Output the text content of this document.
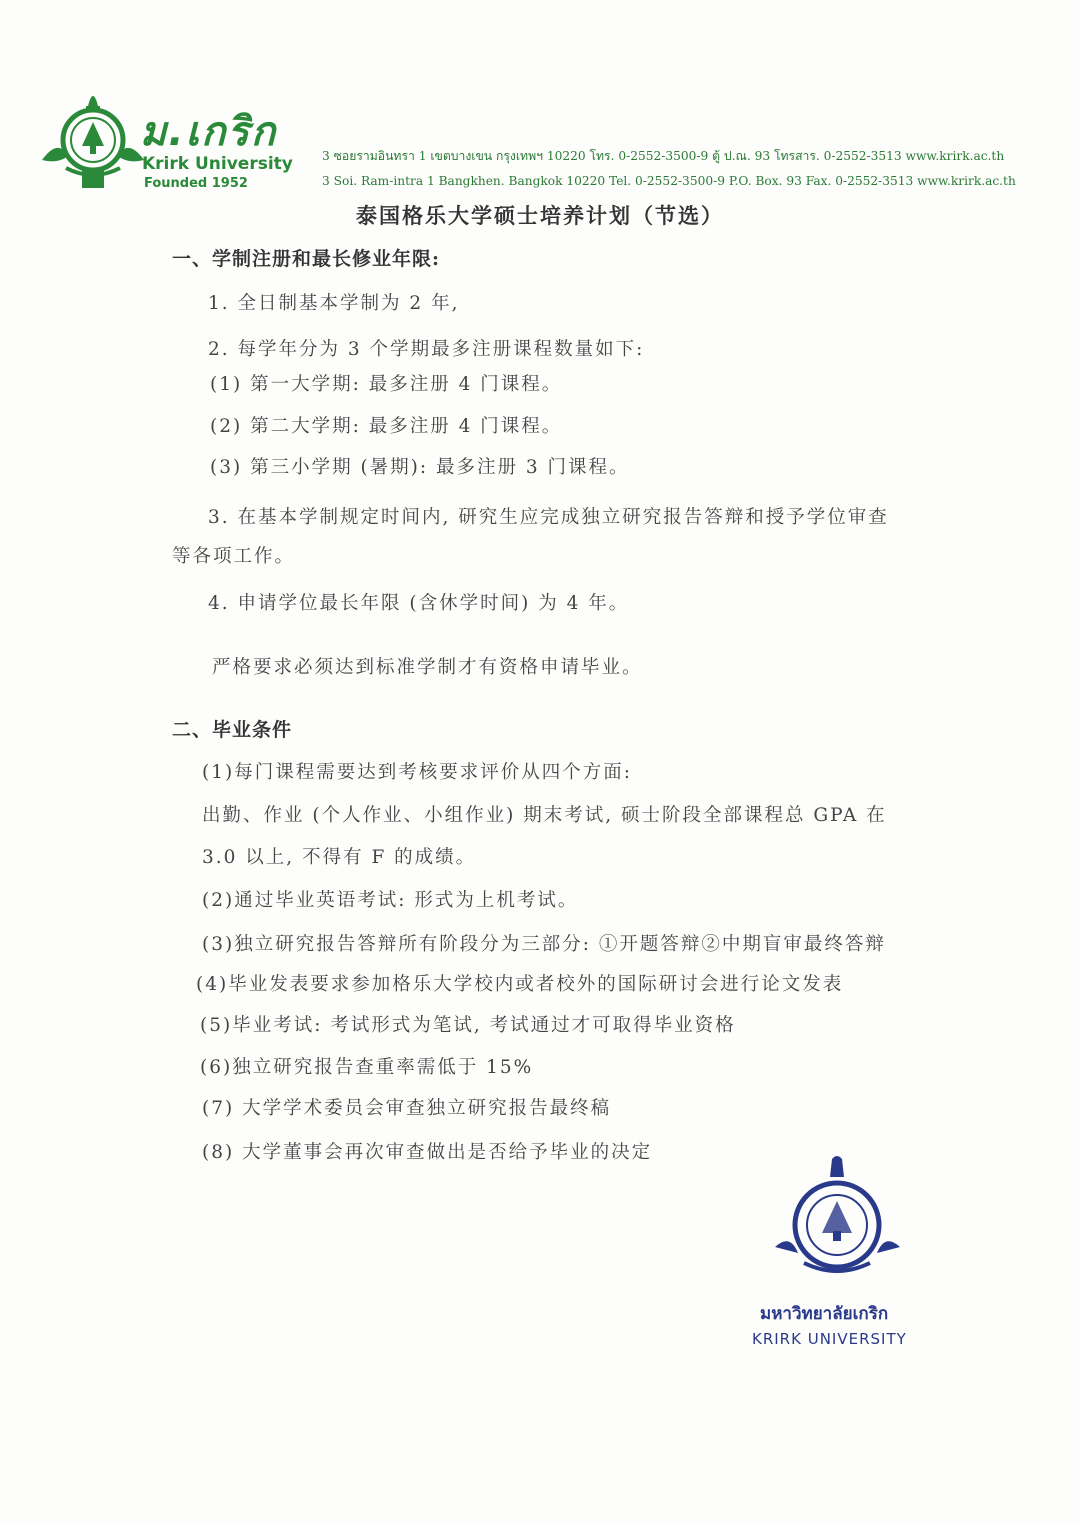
ม.เกริก
Krirk University
Founded 1952
3 ซอยรามอินทรา 1 เขตบางเขน กรุงเทพฯ 10220 โทร. 0-2552-3500-9 ตู้ ป.ณ. 93 โทรสาร. 0-2552-3513 www.krirk.ac.th
3 Soi. Ram-intra 1 Bangkhen. Bangkok 10220 Tel. 0-2552-3500-9 P.O. Box. 93 Fax. 0-2552-3513 www.krirk.ac.th
泰国格乐大学硕士培养计划（节选）
一、学制注册和最长修业年限:
1. 全日制基本学制为 2 年,
2. 每学年分为 3 个学期最多注册课程数量如下:
(1) 第一大学期: 最多注册 4 门课程。
(2) 第二大学期: 最多注册 4 门课程。
(3) 第三小学期 (暑期): 最多注册 3 门课程。
3. 在基本学制规定时间内, 研究生应完成独立研究报告答辩和授予学位审查
等各项工作。
4. 申请学位最长年限 (含休学时间) 为 4 年。
严格要求必须达到标准学制才有资格申请毕业。
二、毕业条件
(1)每门课程需要达到考核要求评价从四个方面:
出勤、作业 (个人作业、小组作业) 期末考试, 硕士阶段全部课程总 GPA 在
3.0 以上, 不得有 F 的成绩。
(2)通过毕业英语考试: 形式为上机考试。
(3)独立研究报告答辩所有阶段分为三部分: ①开题答辩②中期盲审最终答辩
(4)毕业发表要求参加格乐大学校内或者校外的国际研讨会进行论文发表
(5)毕业考试: 考试形式为笔试, 考试通过才可取得毕业资格
(6)独立研究报告查重率需低于 15%
(7) 大学学术委员会审查独立研究报告最终稿
(8) 大学董事会再次审查做出是否给予毕业的决定
มหาวิทยาลัยเกริก
KRIRK UNIVERSITY
